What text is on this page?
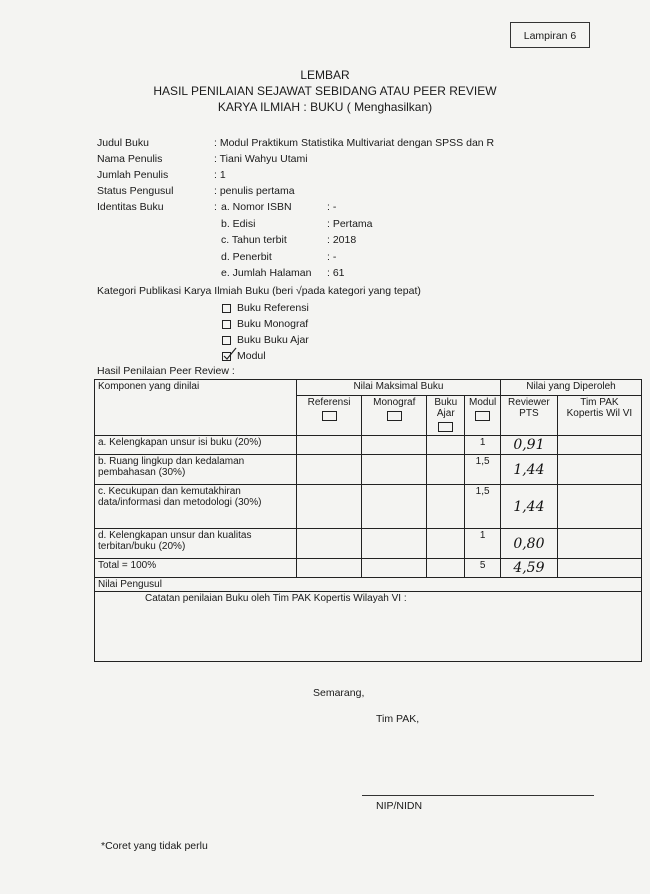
Lampiran 6
LEMBAR
HASIL PENILAIAN SEJAWAT SEBIDANG ATAU PEER REVIEW
KARYA ILMIAH : BUKU ( Menghasilkan)
Judul Buku	: Modul Praktikum Statistika Multivariat dengan SPSS dan R
Nama Penulis	: Tiani Wahyu Utami
Jumlah Penulis	: 1
Status Pengusul	: penulis pertama
Identitas Buku	: a. Nomor ISBN	: -
b. Edisi	: Pertama
c. Tahun terbit	: 2018
d. Penerbit	: -
e. Jumlah Halaman : 61
Kategori Publikasi Karya Ilmiah Buku (beri √pada kategori yang tepat)
Buku Referensi
Buku Monograf
Buku Buku Ajar
Modul
Hasil Penilaian Peer Review :
Komponen yang dinilai	Nilai Maksimal Buku				Nilai yang Diperoleh	
	Referensi	Monograf	Buku Ajar	Modul	Reviewer PTS	Tim PAK Kopertis Wil VI
a. Kelengkapan unsur isi buku (20%)				1	0,91	
b. Ruang lingkup dan kedalaman pembahasan (30%)				1,5	1,44	
c. Kecukupan dan kemutakhiran data/informasi dan metodologi (30%)				1,5	1,44	
d. Kelengkapan unsur dan kualitas terbitan/buku (20%)				1	0,80	
Total = 100%				5	4,59	
Nilai Pengusul						
Catatan penilaian Buku oleh Tim PAK Kopertis Wilayah VI :						
Semarang,
Tim PAK,
NIP/NIDN
*Coret yang tidak perlu
